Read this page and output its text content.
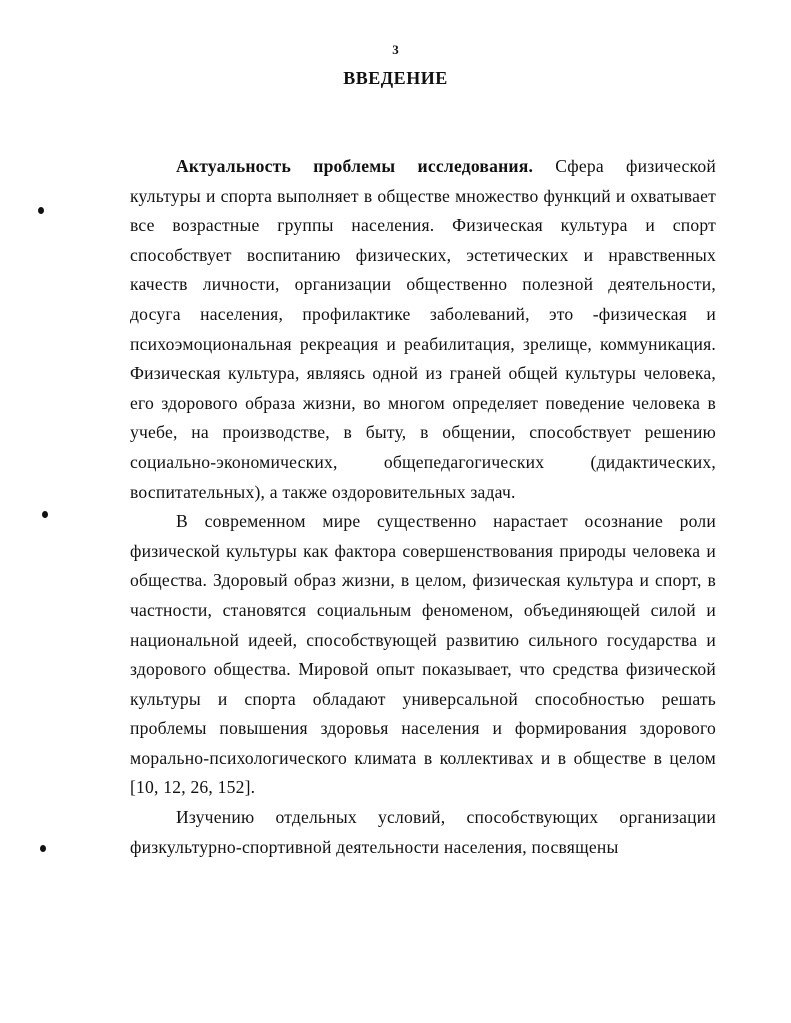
3
ВВЕДЕНИЕ

Актуальность проблемы исследования. Сфера физической культуры и спорта выполняет в обществе множество функций и охватывает все возрастные группы населения. Физическая культура и спорт способствует воспитанию физических, эстетических и нравственных качеств личности, организации общественно полезной деятельности, досуга населения, профилактике заболеваний, это -физическая и психоэмоциональная рекреация и реабилитация, зрелище, коммуникация. Физическая культура, являясь одной из граней общей культуры человека, его здорового образа жизни, во многом определяет поведение человека в учебе, на производстве, в быту, в общении, способствует решению социально-экономических, общепедагогических (дидактических, воспитательных), а также оздоровительных задач.

В современном мире существенно нарастает осознание роли физической культуры как фактора совершенствования природы человека и общества. Здоровый образ жизни, в целом, физическая культура и спорт, в частности, становятся социальным феноменом, объединяющей силой и национальной идеей, способствующей развитию сильного государства и здорового общества. Мировой опыт показывает, что средства физической культуры и спорта обладают универсальной способностью решать проблемы повышения здоровья населения и формирования здорового морально-психологического климата в коллективах и в обществе в целом [10, 12, 26, 152].

Изучению отдельных условий, способствующих организации физкультурно-спортивной деятельности населения, посвящены
